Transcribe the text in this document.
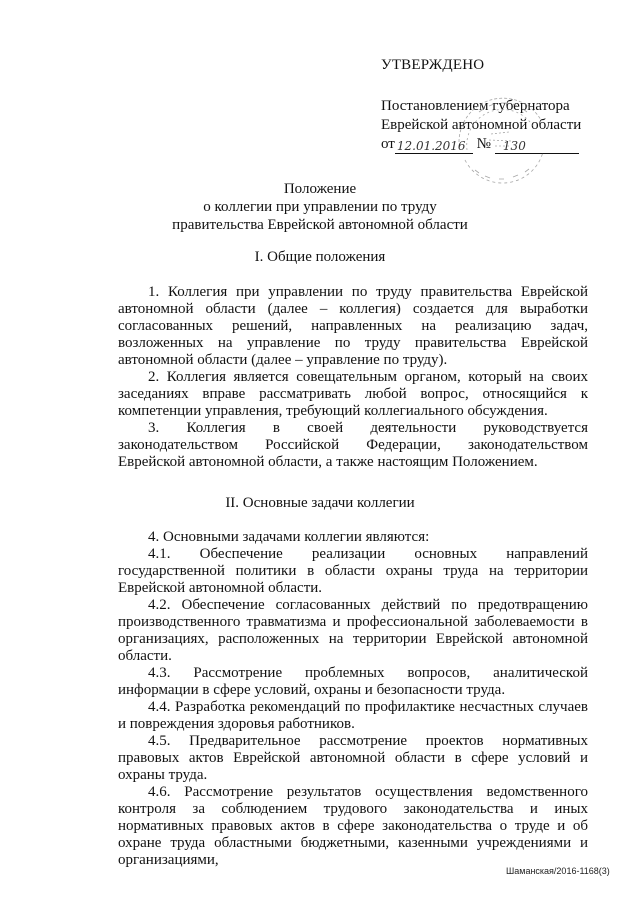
УТВЕРЖДЕНО
Постановлением губернатора
Еврейской автономной области
от 12.01.2016 № 130
Положение
о коллегии при управлении по труду
правительства Еврейской автономной области
I. Общие положения

1. Коллегия при управлении по труду правительства Еврейской автономной области (далее – коллегия) создается для выработки согласованных решений, направленных на реализацию задач, возложенных на управление по труду правительства Еврейской автономной области (далее – управление по труду).

2. Коллегия является совещательным органом, который на своих заседаниях вправе рассматривать любой вопрос, относящийся к компетенции управления, требующий коллегиального обсуждения.

3. Коллегия в своей деятельности руководствуется законодательством Российской Федерации, законодательством Еврейской автономной области, а также настоящим Положением.

II. Основные задачи коллегии

4. Основными задачами коллегии являются:

4.1. Обеспечение реализации основных направлений государственной политики в области охраны труда на территории Еврейской автономной области.

4.2. Обеспечение согласованных действий по предотвращению производственного травматизма и профессиональной заболеваемости в организациях, расположенных на территории Еврейской автономной области.

4.3. Рассмотрение проблемных вопросов, аналитической информации в сфере условий, охраны и безопасности труда.

4.4. Разработка рекомендаций по профилактике несчастных случаев и повреждения здоровья работников.

4.5. Предварительное рассмотрение проектов нормативных правовых актов Еврейской автономной области в сфере условий и охраны труда.

4.6. Рассмотрение результатов осуществления ведомственного контроля за соблюдением трудового законодательства и иных нормативных правовых актов в сфере законодательства о труде и об охране труда областными бюджетными, казенными учреждениями и организациями,

Шаманская/2016-1168(3)
